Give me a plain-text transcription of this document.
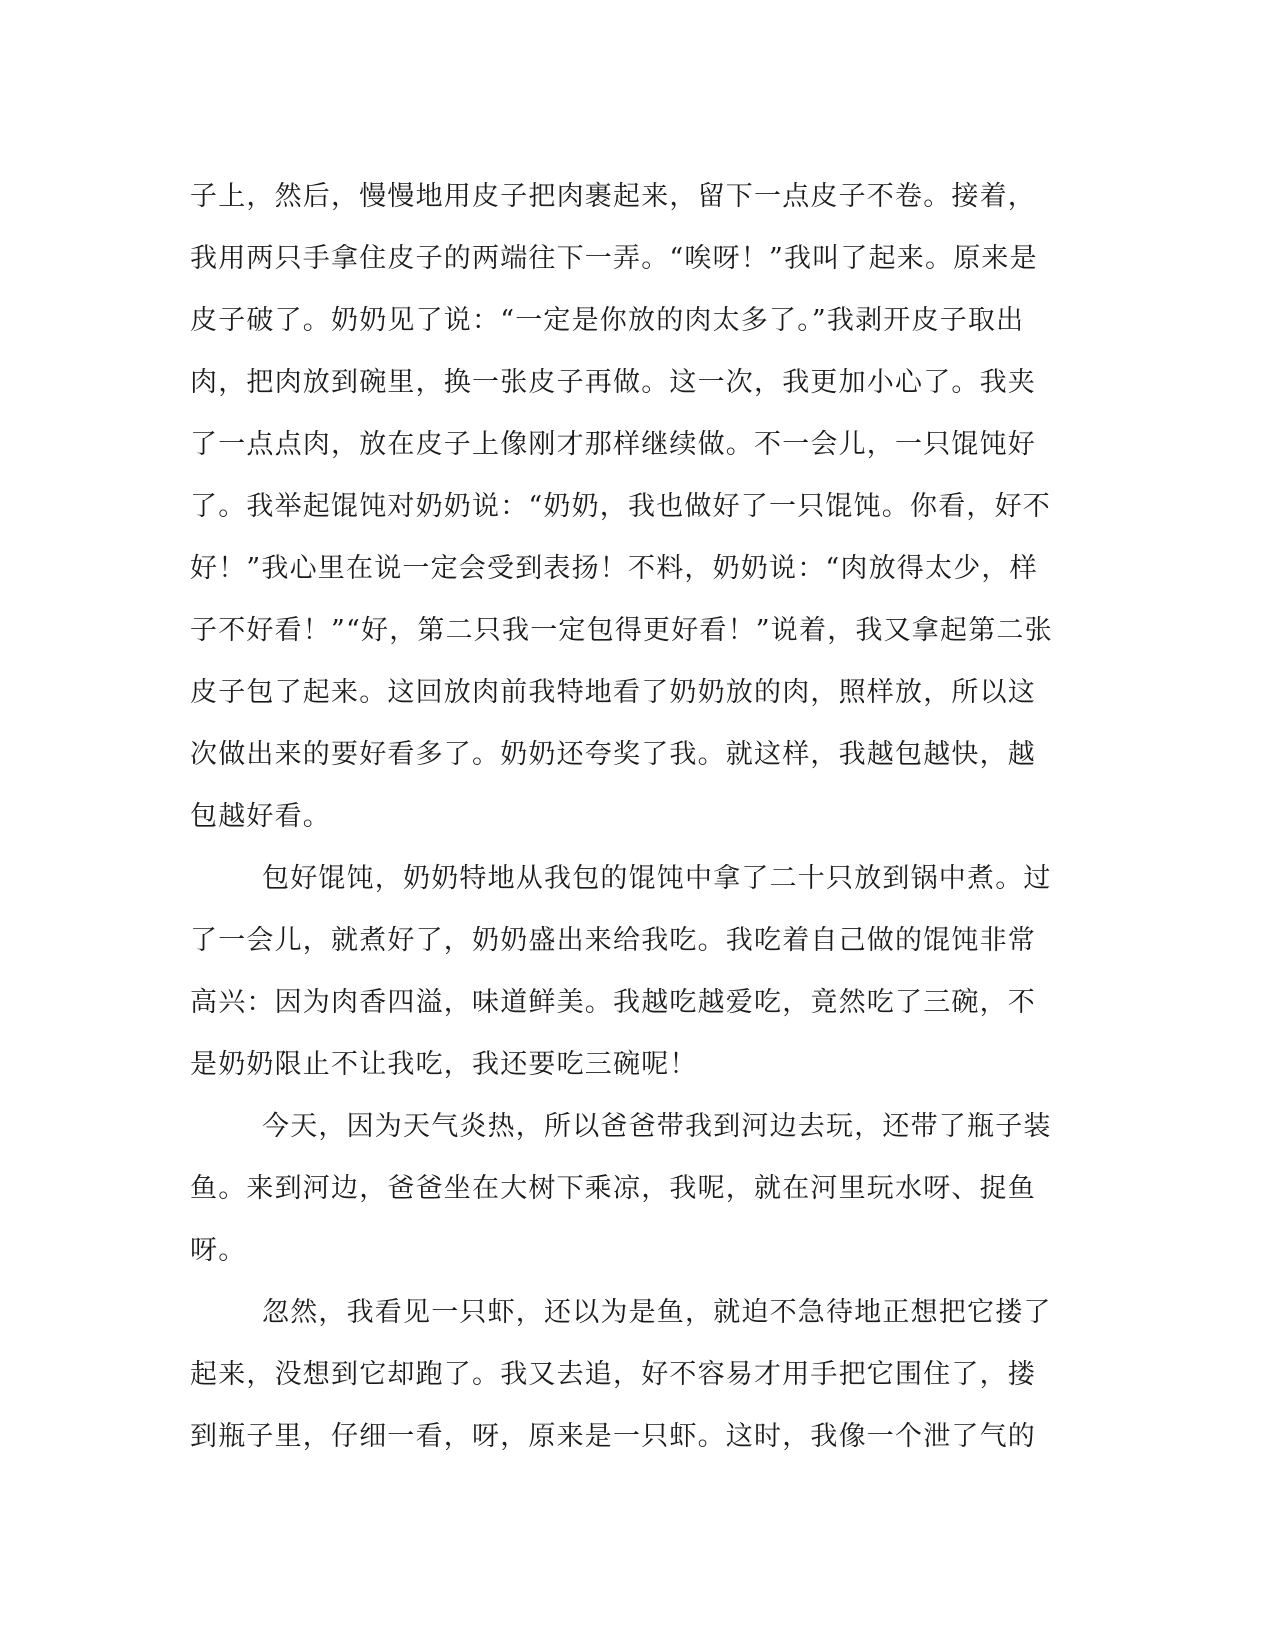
子上，然后，慢慢地用皮子把肉裹起来，留下一点皮子不卷。接着，
我用两只手拿住皮子的两端往下一弄。“唉呀！”我叫了起来。原来是
皮子破了。奶奶见了说：“一定是你放的肉太多了。”我剥开皮子取出
肉，把肉放到碗里，换一张皮子再做。这一次，我更加小心了。我夹
了一点点肉，放在皮子上像刚才那样继续做。不一会儿，一只馄饨好
了。我举起馄饨对奶奶说：“奶奶，我也做好了一只馄饨。你看，好不
好！”我心里在说一定会受到表扬！不料，奶奶说：“肉放得太少，样
子不好看！”“好，第二只我一定包得更好看！”说着，我又拿起第二张
皮子包了起来。这回放肉前我特地看了奶奶放的肉，照样放，所以这
次做出来的要好看多了。奶奶还夸奖了我。就这样，我越包越快，越
包越好看。
包好馄饨，奶奶特地从我包的馄饨中拿了二十只放到锅中煮。过
了一会儿，就煮好了，奶奶盛出来给我吃。我吃着自己做的馄饨非常
高兴：因为肉香四溢，味道鲜美。我越吃越爱吃，竟然吃了三碗，不
是奶奶限止不让我吃，我还要吃三碗呢！
今天，因为天气炎热，所以爸爸带我到河边去玩，还带了瓶子装
鱼。来到河边，爸爸坐在大树下乘凉，我呢，就在河里玩水呀、捉鱼
呀。
忽然，我看见一只虾，还以为是鱼，就迫不急待地正想把它搂了
起来，没想到它却跑了。我又去追，好不容易才用手把它围住了，搂
到瓶子里，仔细一看，呀，原来是一只虾。这时，我像一个泄了气的
